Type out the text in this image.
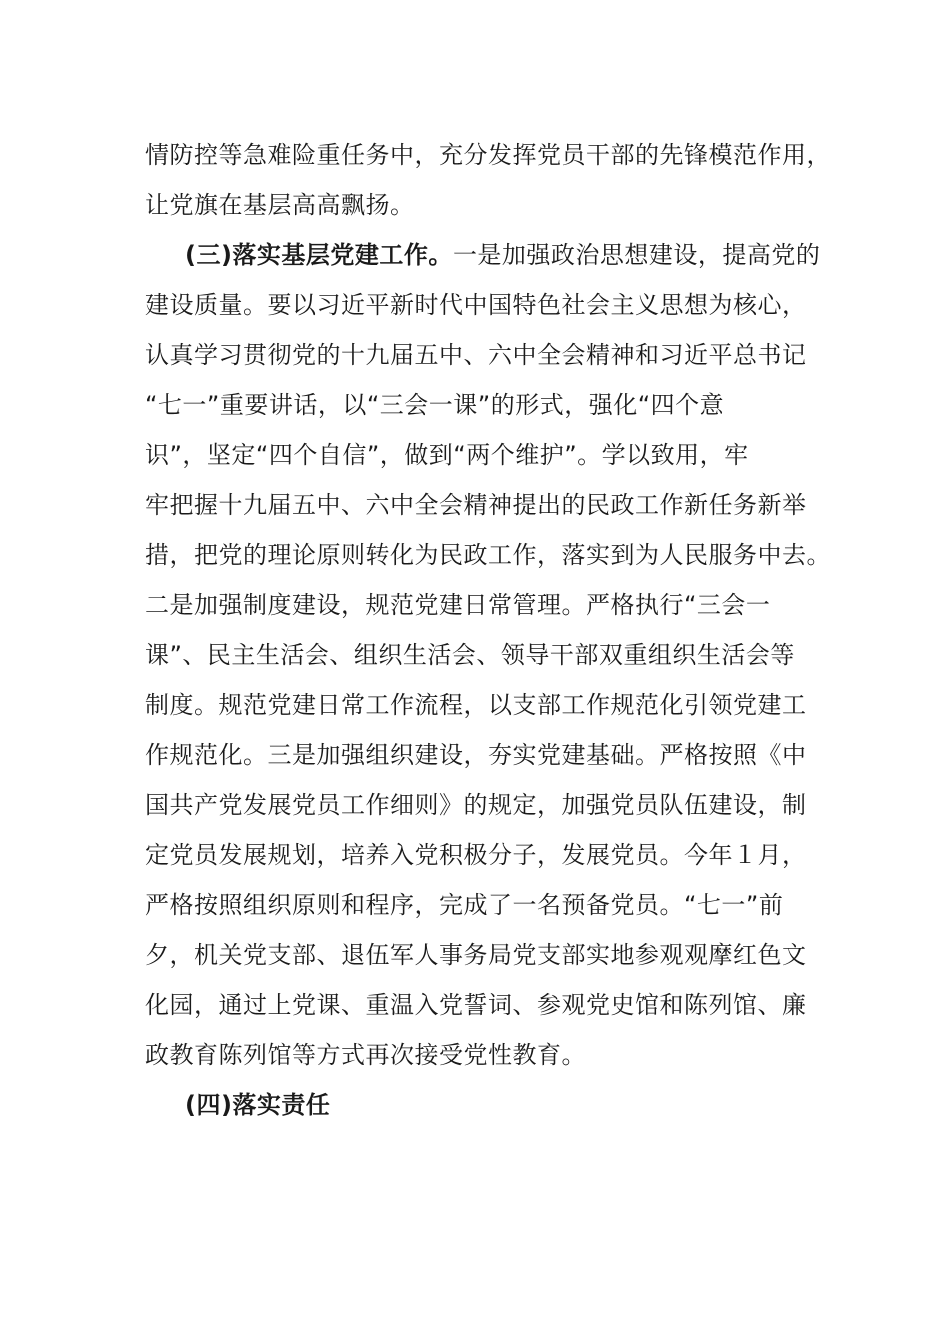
情防控等急难险重任务中，充分发挥党员干部的先锋模范作用，
让党旗在基层高高飘扬。
(三)落实基层党建工作。一是加强政治思想建设，提高党的
建设质量。要以习近平新时代中国特色社会主义思想为核心，
认真学习贯彻党的十九届五中、六中全会精神和习近平总书记
“七一”重要讲话，以“三会一课”的形式，强化“四个意
识”，坚定“四个自信”，做到“两个维护”。学以致用，牢
牢把握十九届五中、六中全会精神提出的民政工作新任务新举
措，把党的理论原则转化为民政工作，落实到为人民服务中去。
二是加强制度建设，规范党建日常管理。严格执行“三会一
课”、民主生活会、组织生活会、领导干部双重组织生活会等
制度。规范党建日常工作流程，以支部工作规范化引领党建工
作规范化。三是加强组织建设，夯实党建基础。严格按照《中
国共产党发展党员工作细则》的规定，加强党员队伍建设，制
定党员发展规划，培养入党积极分子，发展党员。今年１月，
严格按照组织原则和程序，完成了一名预备党员。“七一”前
夕，机关党支部、退伍军人事务局党支部实地参观观摩红色文
化园，通过上党课、重温入党誓词、参观党史馆和陈列馆、廉
政教育陈列馆等方式再次接受党性教育。
(四)落实责任
